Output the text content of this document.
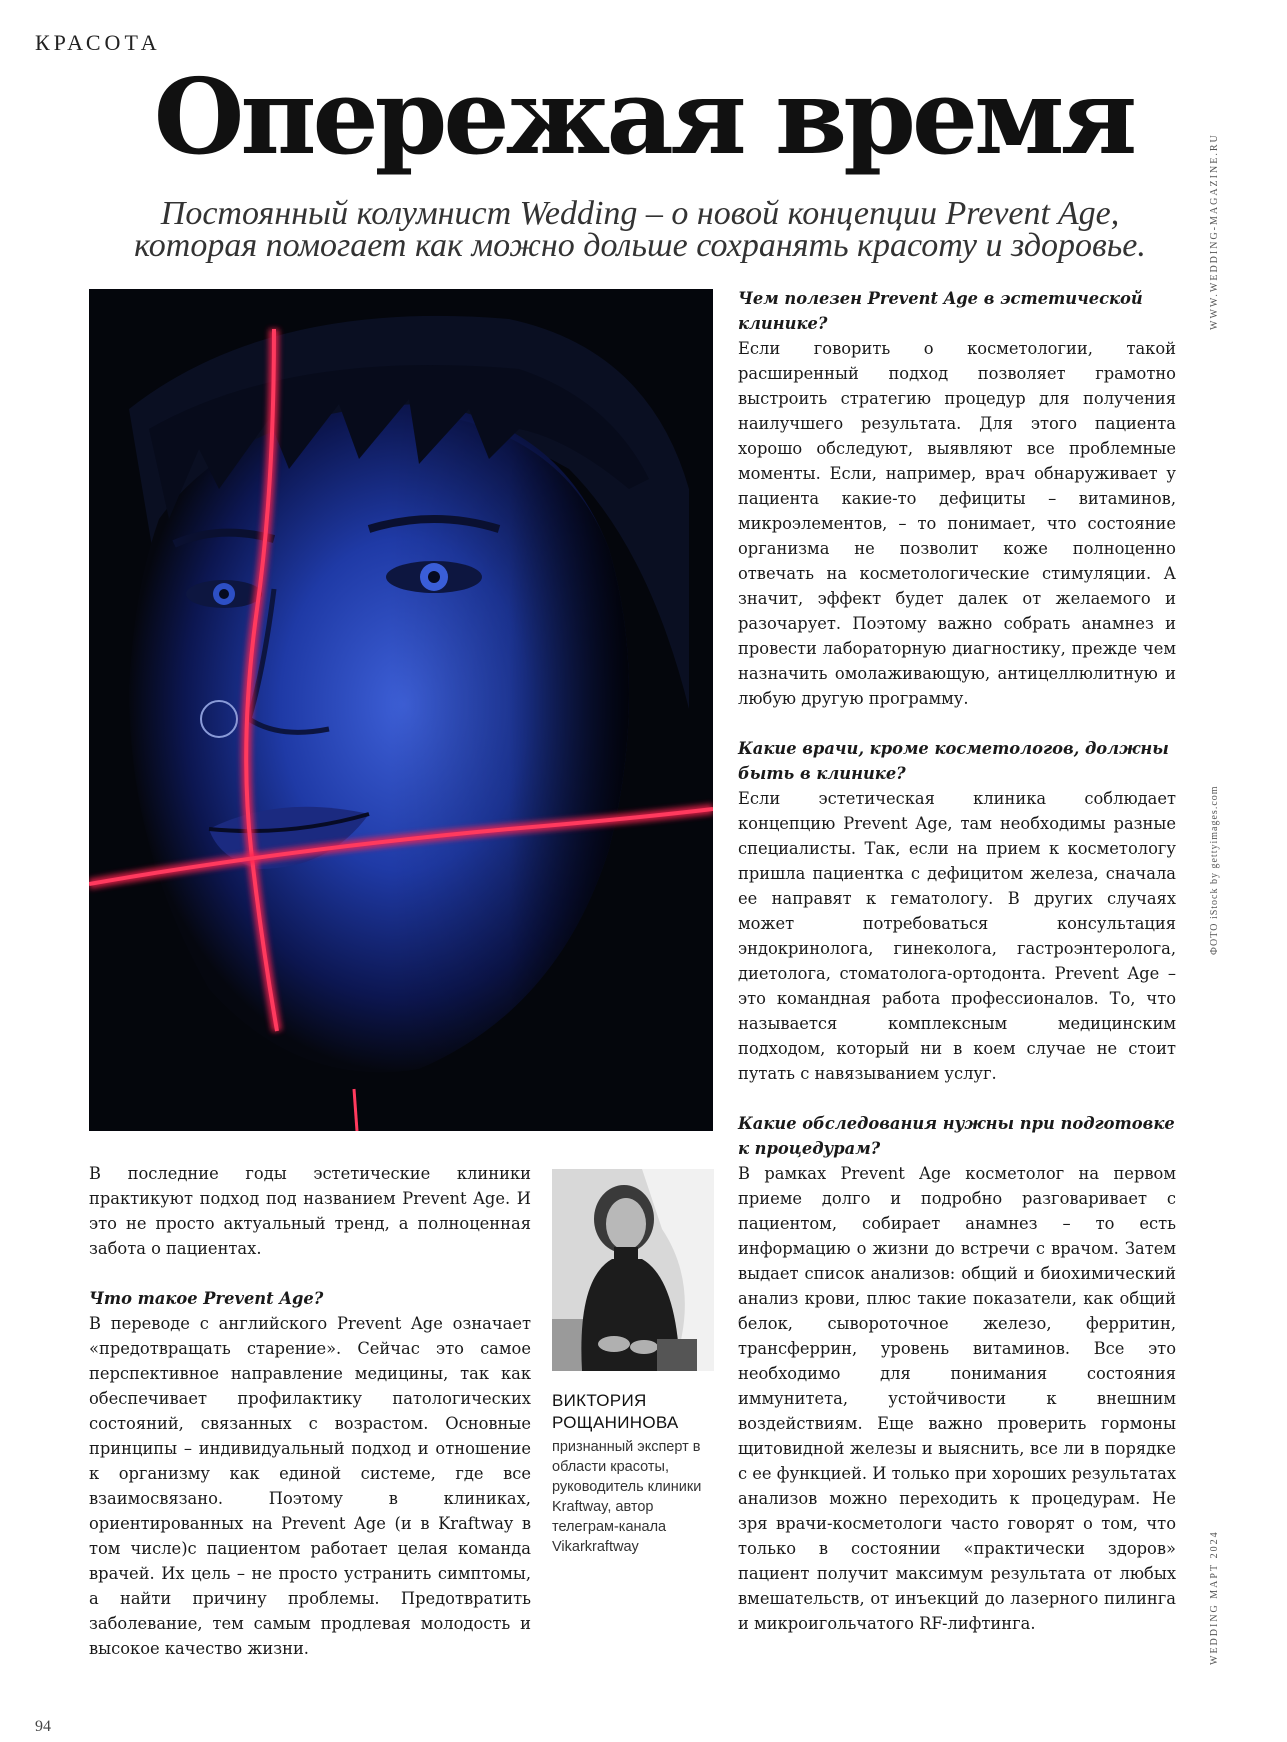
КРАСОТА
Опережая время
Постоянный колумнист Wedding – о новой концепции Prevent Age,
которая помогает как можно дольше сохранять красоту и здоровье.	WWW.WEDDING-MAGAZINE.RU
ФОТО iStock by gettyimages.com
WEDDING МАРТ 2024

В последние годы эстетические клиники практикуют подход под названием Prevent Age. И это не просто актуальный тренд, а полноценная забота о пациентах.

Что такое Prevent Age?

В переводе с английского Prevent Age означает «предотвращать старение». Сейчас это самое перспективное направление медицины, так как обеспечивает профилактику патологических состояний, связанных с возрастом. Основные принципы – индивидуальный подход и отношение к организму как единой системе, где все взаимосвязано. Поэтому в клиниках, ориентированных на Prevent Age (и в Kraftway в том числе)с пациентом работает целая команда врачей. Их цель – не просто устранить симптомы, а найти причину проблемы. Предотвратить заболевание, тем самым продлевая молодость и высокое качество жизни.

ВИКТОРИЯ
РОЩАНИНОВА
признанный эксперт в области красоты, руководитель клиники Kraftway, автор телеграм-канала Vikarkraftway

Чем полезен Prevent Age в эстетической клинике?

Если говорить о косметологии, такой расширенный подход позволяет грамотно выстроить стратегию процедур для получения наилучшего результата. Для этого пациента хорошо обследуют, выявляют все проблемные моменты. Если, например, врач обнаруживает у пациента какие-то дефициты – витаминов, микроэлементов, – то понимает, что состояние организма не позволит коже полноценно отвечать на косметологические стимуляции. А значит, эффект будет далек от желаемого и разочарует. Поэтому важно собрать анамнез и провести лабораторную диагностику, прежде чем назначить омолаживающую, антицеллюлитную и любую другую программу.

Какие врачи, кроме косметологов, должны быть в клинике?

Если эстетическая клиника соблюдает концепцию Prevent Age, там необходимы разные специалисты. Так, если на прием к косметологу пришла пациентка с дефицитом железа, сначала ее направят к гематологу. В других случаях может потребоваться консультация эндокринолога, гинеколога, гастроэнтеролога, диетолога, стоматолога-ортодонта. Prevent Age – это командная работа профессионалов. То, что называется комплексным медицинским подходом, который ни в коем случае не стоит путать с навязыванием услуг.

Какие обследования нужны при подготовке к процедурам?

В рамках Prevent Age косметолог на первом приеме долго и подробно разговаривает с пациентом, собирает анамнез – то есть информацию о жизни до встречи с врачом. Затем выдает список анализов: общий и биохимический анализ крови, плюс такие показатели, как общий белок, сывороточное железо, ферритин, трансферрин, уровень витаминов. Все это необходимо для понимания состояния иммунитета, устойчивости к внешним воздействиям. Еще важно проверить гормоны щитовидной железы и выяснить, все ли в порядке с ее функцией. И только при хороших результатах анализов можно переходить к процедурам. Не зря врачи-косметологи часто говорят о том, что только в состоянии «практически здоров» пациент получит максимум результата от любых вмешательств, от инъекций до лазерного пилинга и микроигольчатого RF-лифтинга.

94
